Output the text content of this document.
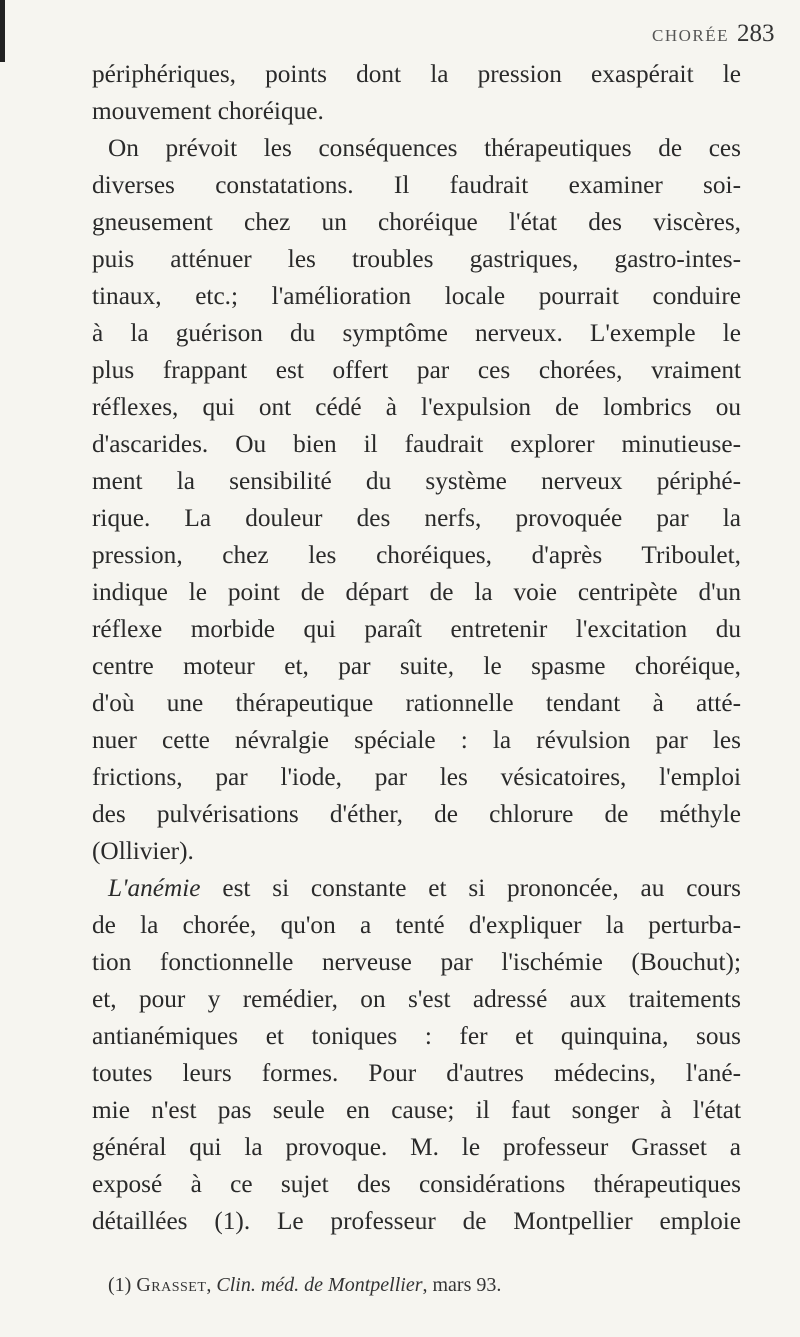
CHORÉE 283
périphériques, points dont la pression exaspérait le
mouvement choréique.
On prévoit les conséquences thérapeutiques de ces
diverses constatations. Il faudrait examiner soi-
gneusement chez un choréique l'état des viscères,
puis atténuer les troubles gastriques, gastro-intes-
tinaux, etc.; l'amélioration locale pourrait conduire
à la guérison du symptôme nerveux. L'exemple le
plus frappant est offert par ces chorées, vraiment
réflexes, qui ont cédé à l'expulsion de lombrics ou
d'ascarides. Ou bien il faudrait explorer minutieuse-
ment la sensibilité du système nerveux périphé-
rique. La douleur des nerfs, provoquée par la
pression, chez les choréiques, d'après Triboulet,
indique le point de départ de la voie centripète d'un
réflexe morbide qui paraît entretenir l'excitation du
centre moteur et, par suite, le spasme choréique,
d'où une thérapeutique rationnelle tendant à atté-
nuer cette névralgie spéciale : la révulsion par les
frictions, par l'iode, par les vésicatoires, l'emploi
des pulvérisations d'éther, de chlorure de méthyle
(Ollivier).
L'anémie est si constante et si prononcée, au cours
de la chorée, qu'on a tenté d'expliquer la perturba-
tion fonctionnelle nerveuse par l'ischémie (Bouchut);
et, pour y remédier, on s'est adressé aux traitements
antianémiques et toniques : fer et quinquina, sous
toutes leurs formes. Pour d'autres médecins, l'ané-
mie n'est pas seule en cause; il faut songer à l'état
général qui la provoque. M. le professeur Grasset a
exposé à ce sujet des considérations thérapeutiques
détaillées (1). Le professeur de Montpellier emploie
(1) Grasset, Clin. méd. de Montpellier, mars 93.
